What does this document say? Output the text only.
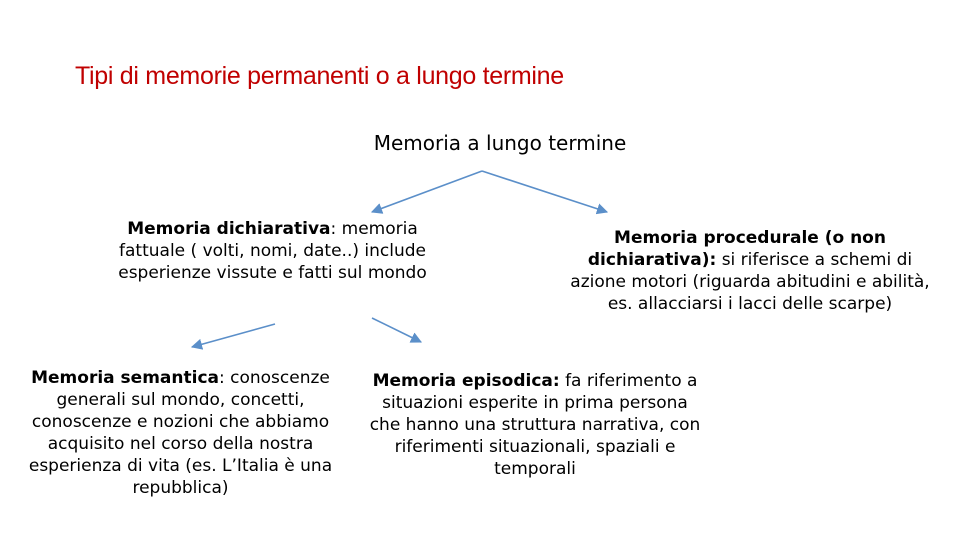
Tipi di memorie permanenti o a lungo termine
Memoria a lungo termine
Memoria dichiarativa: memoria fattuale ( volti, nomi, date..) include esperienze vissute e fatti sul mondo
Memoria procedurale (o non dichiarativa): si riferisce a schemi di azione motori (riguarda abitudini e abilità, es. allacciarsi i lacci delle scarpe)
Memoria semantica: conoscenze generali sul mondo, concetti, conoscenze e nozioni che abbiamo acquisito nel corso della nostra esperienza di vita (es. L’Italia è una repubblica)
Memoria episodica: fa riferimento a situazioni esperite in prima persona che hanno una struttura narrativa, con riferimenti situazionali, spaziali e temporali
